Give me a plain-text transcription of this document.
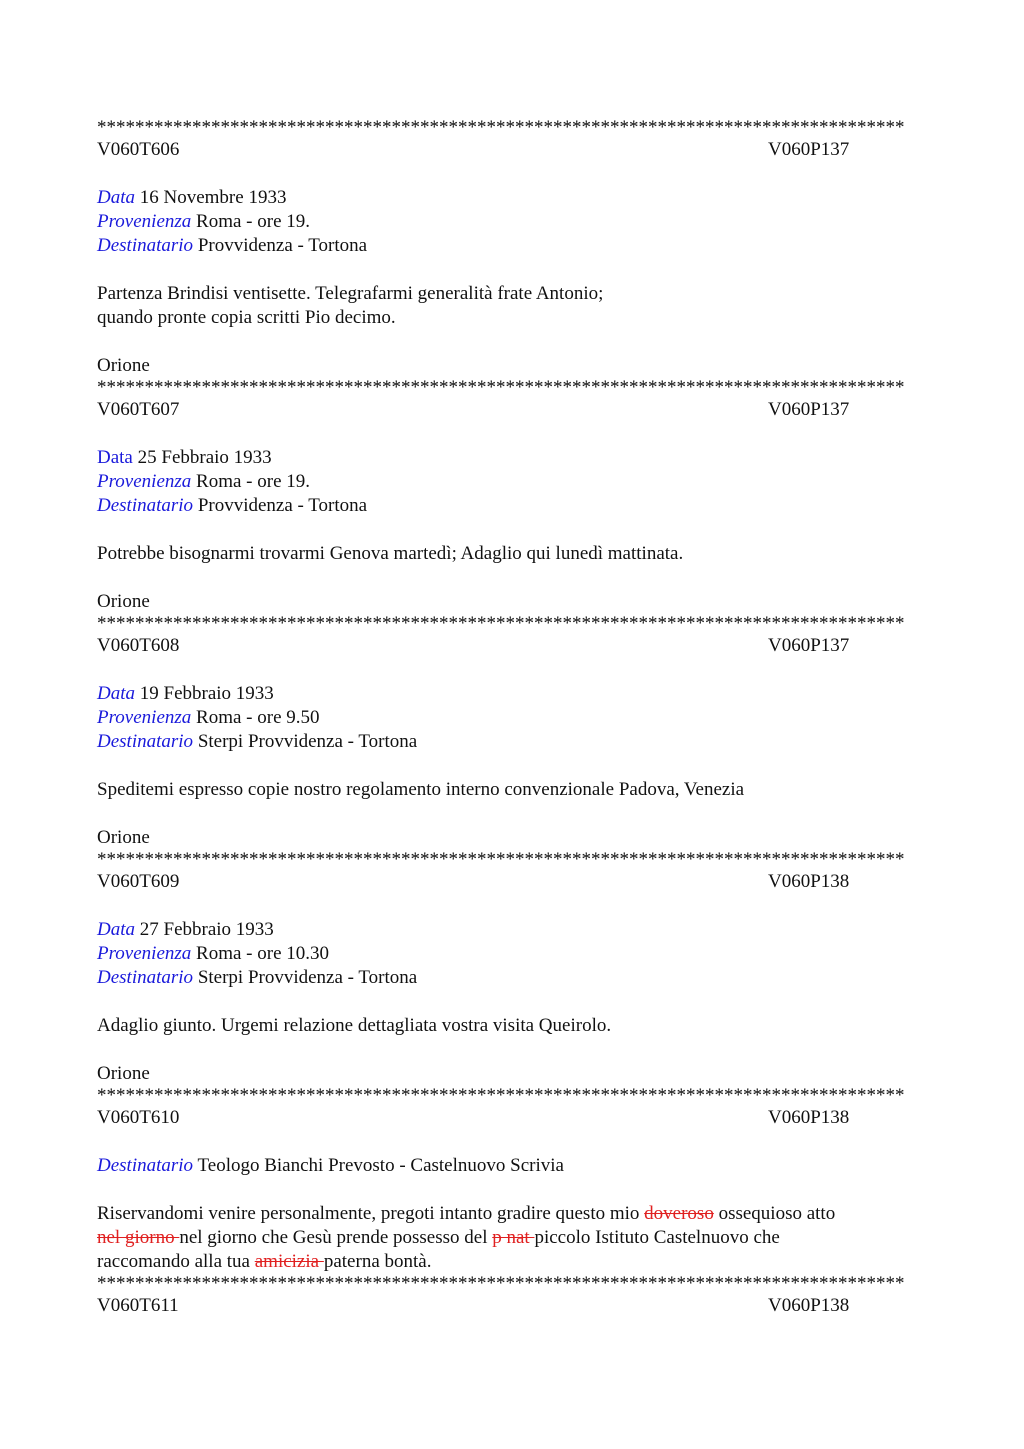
*************************************************************************************
V060T606	V060P137
Data 16 Novembre 1933
Provenienza Roma - ore 19.
Destinatario Provvidenza - Tortona
Partenza Brindisi ventisette. Telegrafarmi generalità frate Antonio;
quando pronte copia scritti Pio decimo.
Orione
*************************************************************************************
V060T607	V060P137
Data 25 Febbraio 1933
Provenienza Roma - ore 19.
Destinatario Provvidenza - Tortona
Potrebbe bisognarmi trovarmi Genova martedì; Adaglio qui lunedì mattinata.
Orione
*************************************************************************************
V060T608	V060P137
Data 19 Febbraio 1933
Provenienza Roma - ore 9.50
Destinatario Sterpi Provvidenza - Tortona
Speditemi espresso copie nostro regolamento interno convenzionale Padova, Venezia
Orione
*************************************************************************************
V060T609	V060P138
Data 27 Febbraio 1933
Provenienza Roma - ore 10.30
Destinatario Sterpi Provvidenza - Tortona
Adaglio giunto. Urgemi relazione dettagliata vostra visita Queirolo.
Orione
*************************************************************************************
V060T610	V060P138
Destinatario Teologo Bianchi Prevosto - Castelnuovo Scrivia
Riservandomi venire personalmente, pregoti intanto gradire questo mio doveroso ossequioso atto
nel giorno nel giorno che Gesù prende possesso del p nat piccolo Istituto Castelnuovo che
raccomando alla tua amicizia paterna bontà.
*************************************************************************************
V060T611	V060P138
